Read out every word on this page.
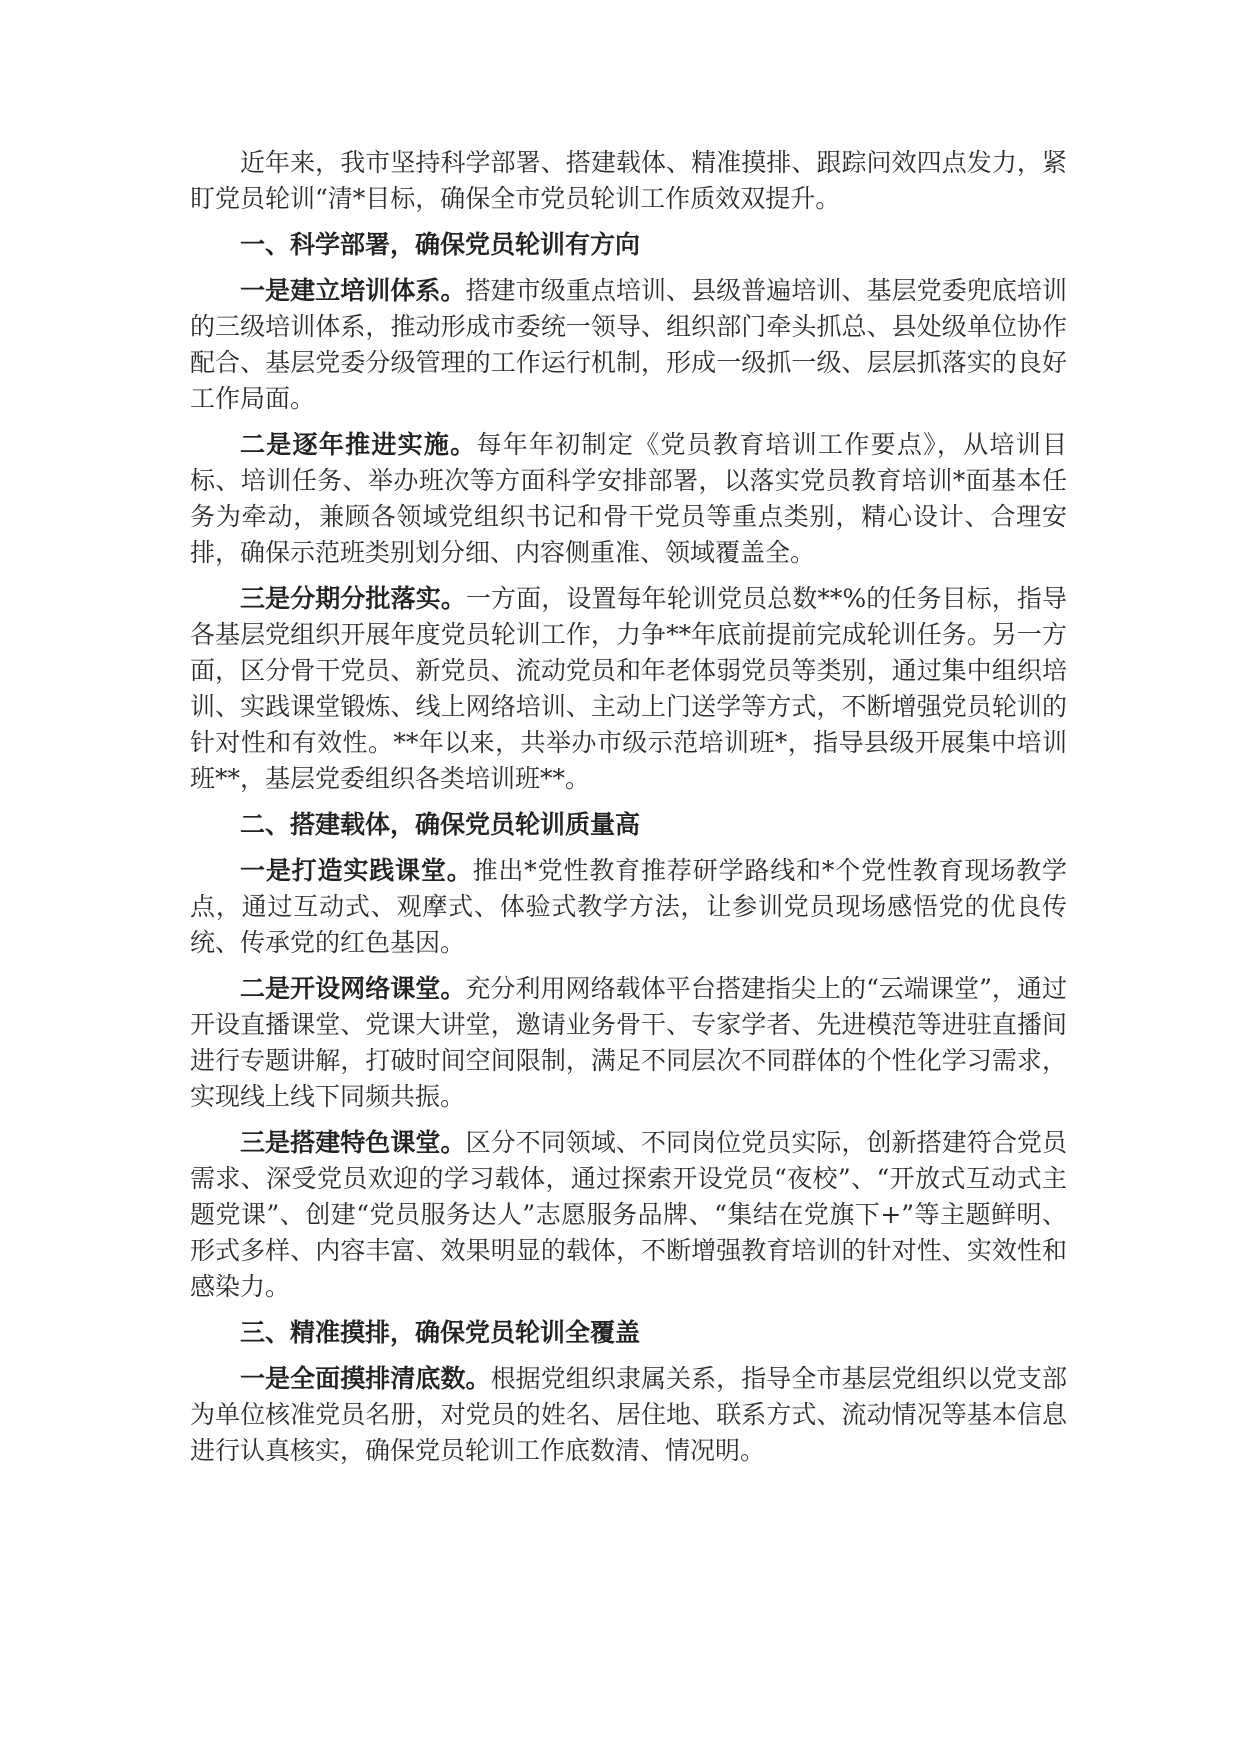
近年来，我市坚持科学部署、搭建载体、精准摸排、跟踪问效四点发力，紧盯党员轮训“清*目标，确保全市党员轮训工作质效双提升。

一、科学部署，确保党员轮训有方向

一是建立培训体系。搭建市级重点培训、县级普遍培训、基层党委兜底培训的三级培训体系，推动形成市委统一领导、组织部门牵头抓总、县处级单位协作配合、基层党委分级管理的工作运行机制，形成一级抓一级、层层抓落实的良好工作局面。

二是逐年推进实施。每年年初制定《党员教育培训工作要点》，从培训目标、培训任务、举办班次等方面科学安排部署，以落实党员教育培训*面基本任务为牵动，兼顾各领域党组织书记和骨干党员等重点类别，精心设计、合理安排，确保示范班类别划分细、内容侧重准、领域覆盖全。

三是分期分批落实。一方面，设置每年轮训党员总数**%的任务目标，指导各基层党组织开展年度党员轮训工作，力争**年底前提前完成轮训任务。另一方面，区分骨干党员、新党员、流动党员和年老体弱党员等类别，通过集中组织培训、实践课堂锻炼、线上网络培训、主动上门送学等方式，不断增强党员轮训的针对性和有效性。**年以来，共举办市级示范培训班*，指导县级开展集中培训班**，基层党委组织各类培训班**。

二、搭建载体，确保党员轮训质量高

一是打造实践课堂。推出*党性教育推荐研学路线和*个党性教育现场教学点，通过互动式、观摩式、体验式教学方法，让参训党员现场感悟党的优良传统、传承党的红色基因。

二是开设网络课堂。充分利用网络载体平台搭建指尖上的“云端课堂”，通过开设直播课堂、党课大讲堂，邀请业务骨干、专家学者、先进模范等进驻直播间进行专题讲解，打破时间空间限制，满足不同层次不同群体的个性化学习需求，实现线上线下同频共振。

三是搭建特色课堂。区分不同领域、不同岗位党员实际，创新搭建符合党员需求、深受党员欢迎的学习载体，通过探索开设党员“夜校”、“开放式互动式主题党课”、创建“党员服务达人”志愿服务品牌、“集结在党旗下+”等主题鲜明、形式多样、内容丰富、效果明显的载体，不断增强教育培训的针对性、实效性和感染力。

三、精准摸排，确保党员轮训全覆盖

一是全面摸排清底数。根据党组织隶属关系，指导全市基层党组织以党支部为单位核准党员名册，对党员的姓名、居住地、联系方式、流动情况等基本信息进行认真核实，确保党员轮训工作底数清、情况明。
